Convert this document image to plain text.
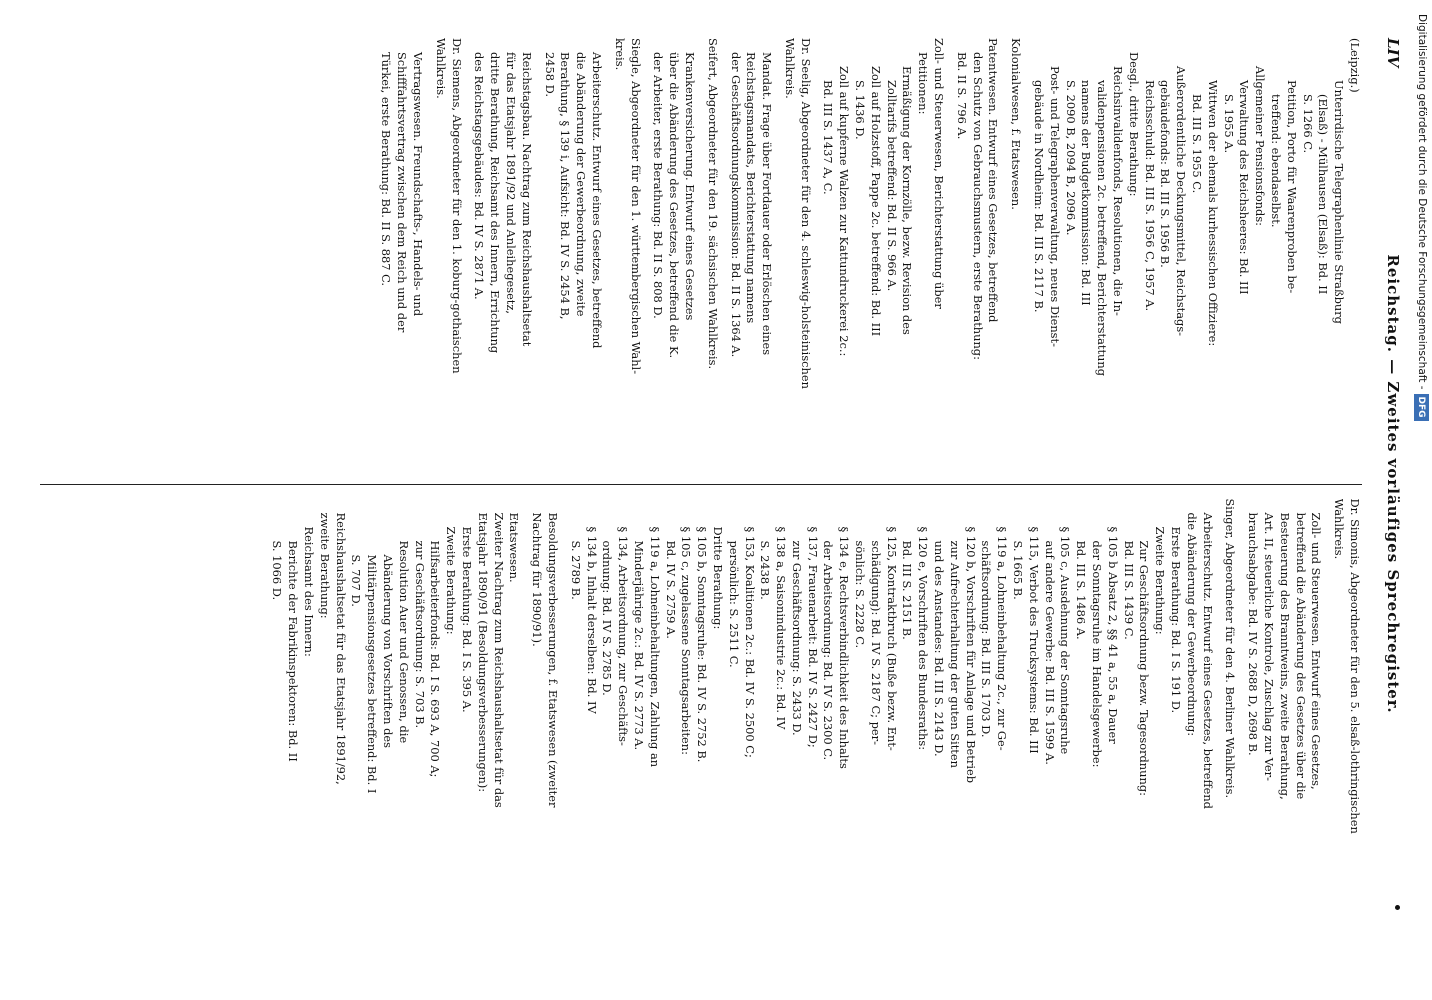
LIV
Reichstag. — Zweites vorläufiges Sprechregister.
(Leipzig.)
Unterirdische Telegraphenlinie Straßburg
(Elsaß) - Mülhausen (Elsaß): Bd. II
S. 1266 C.
Petition, Porto für Waarenproben be-
treffend: ebendaselbst.
Allgemeiner Pensionsfonds:
Verwaltung des Reichsheeres: Bd. III
S. 1955 A.
Wittwen der ehemals kurhessischen Offiziere:
Bd. III S. 1955 C.
Außerordentliche Deckungsmittel, Reichstags-
gebäudefonds: Bd. III S. 1956 B.
Reichsschuld: Bd. III S. 1956 C, 1957 A.
Desgl., dritte Berathung:
Reichsinvalidenfonds, Resolutionen, die In-
validenpensionen 2c. betreffend, Berichterstattung
namens der Budgetkommission: Bd. III
S. 2090 B, 2094 B, 2096 A.
Post- und Telegraphenverwaltung, neues Dienst-
gebäude in Nordheim: Bd. III S. 2117 B.
Kolonialwesen, f. Etatswesen.
Patentwesen. Entwurf eines Gesetzes, betreffend
den Schutz von Gebrauchsmustern, erste Berathung:
Bd. II S. 796 A.
Zoll- und Steuerwesen, Berichterstattung über
Petitionen:
Ermäßigung der Kornzölle, bezw. Revision des
Zolltarifs betreffend: Bd. II S. 966 A.
Zoll auf Holzstoff, Pappe 2c. betreffend: Bd. III
S. 1436 D.
Zoll auf kupferne Walzen zur Kattundruckerei 2c.:
Bd. III S. 1437 A, C.
Dr. Seelig, Abgeordneter für den 4. schleswig-holsteinischen
Wahlkreis.
Mandat. Frage über Fortdauer oder Erlöschen eines
Reichstagsmandats, Berichterstattung namens
der Geschäftsordnungskommission: Bd. II S. 1364 A.
Seifert, Abgeordneter für den 19. sächsischen Wahlkreis.
Krankenversicherung. Entwurf eines Gesetzes
über die Abänderung des Gesetzes, betreffend die K.
der Arbeiter, erste Berathung: Bd. II S. 808 D.
Siegle, Abgeordneter für den 1. württembergischen Wahl-
kreis.
Arbeiterschutz. Entwurf eines Gesetzes, betreffend
die Abänderung der Gewerbeordnung, zweite
Berathung, § 139 i, Aufsicht: Bd. IV S. 2454 B,
2458 D.
Reichstagsbau. Nachtrag zum Reichshaushaltsetat
für das Etatsjahr 1891/92 und Anleihegesetz,
dritte Berathung, Reichsamt des Innern, Errichtung
des Reichstagsgebäudes: Bd. IV S. 2871 A.
Dr. Siemens, Abgeordneter für den 1. koburg-gothaischen
Wahlkreis.
Vertragswesen. Freundschafts-, Handels- und
Schifffahrtsvertrag zwischen dem Reich und der
Türkei, erste Berathung: Bd. II S. 887 C.
Dr. Simonis, Abgeordneter für den 5. elsaß-lothringischen
Wahlkreis.
Zoll- und Steuerwesen. Entwurf eines Gesetzes,
betreffend die Abänderung des Gesetzes über die
Besteuerung des Branntweins, zweite Berathung,
Art. II, steuerliche Kontrole, Zuschlag zur Ver-
brauchsabgabe: Bd. IV S. 2688 D, 2698 B.
Singer, Abgeordneter für den 4. Berliner Wahlkreis.
Arbeiterschutz. Entwurf eines Gesetzes, betreffend
die Abänderung der Gewerbeordnung:
Erste Berathung: Bd. I S. 191 D.
Zweite Berathung:
Zur Geschäftsordnung bezw. Tagesordnung:
Bd. III S. 1439 C.
§ 105 b Absatz 2, §§ 41 a, 55 a, Dauer
der Sonntagsruhe im Handelsgewerbe:
Bd. III S. 1486 A.
§ 105 c, Ausdehnung der Sonntagsruhe
auf andere Gewerbe: Bd. III S. 1599 A.
§ 115, Verbot des Trucksystems: Bd. III
S. 1665 B.
§ 119 a, Lohneinbehaltung 2c., zur Ge-
schäftsordnung: Bd. III S. 1703 D.
§ 120 b, Vorschriften für Anlage und Betrieb
zur Aufrechterhaltung der guten Sitten
und des Anstandes: Bd. III S. 2143 D.
§ 120 e, Vorschriften des Bundesraths:
Bd. III S. 2151 B.
§ 125, Kontraktbruch (Buße bezw. Ent-
schädigung): Bd. IV S. 2187 C; per-
sönlich: S. 2228 C.
§ 134 e, Rechtsverbindlichkeit des Inhalts
der Arbeitsordnung: Bd. IV S. 2300 C.
§ 137, Frauenarbeit: Bd. IV S. 2427 D;
zur Geschäftsordnung: S. 2433 D.
§ 138 a, Saisonindustrie 2c.: Bd. IV
S. 2438 B.
§ 153, Koalitionen 2c.: Bd. IV S. 2500 C;
persönlich: S. 2511 C.
Dritte Berathung:
§ 105 b, Sonntagsruhe: Bd. IV S. 2752 B.
§ 105 c, zugelassene Sonntagsarbeiten:
Bd. IV S. 2759 A.
§ 119 a, Lohneinbehaltungen, Zahlung an
Minderjährige 2c.: Bd. IV S. 2773 A.
§ 134, Arbeitsordnung, zur Geschäfts-
ordnung: Bd. IV S. 2785 D.
§ 134 b, Inhalt derselben: Bd. IV
S. 2789 B.
Besoldungsverbesserungen, f. Etatswesen (zweiter
Nachtrag für 1890/91).
Etatswesen.
Zweiter Nachtrag zum Reichshaushaltsetat für das
Etatsjahr 1890/91 (Besoldungsverbesserungen):
Erste Berathung: Bd. I S. 395 A.
Zweite Berathung:
Hilfsarbeiterfonds: Bd. I S. 693 A, 700 A;
zur Geschäftsordnung: S. 703 B.
Resolution Auer und Genossen, die
Abänderung von Vorschriften des
Militärpensionsgesetzes betreffend: Bd. I
S. 707 D.
Reichshaushaltsetat für das Etatsjahr 1891/92,
zweite Berathung:
Reichsamt des Innern:
Berichte der Fabrikinspektoren: Bd. II
S. 1066 D.
Digitalisierung gefördert durch die Deutsche Forschungsgemeinschaft -DFG
